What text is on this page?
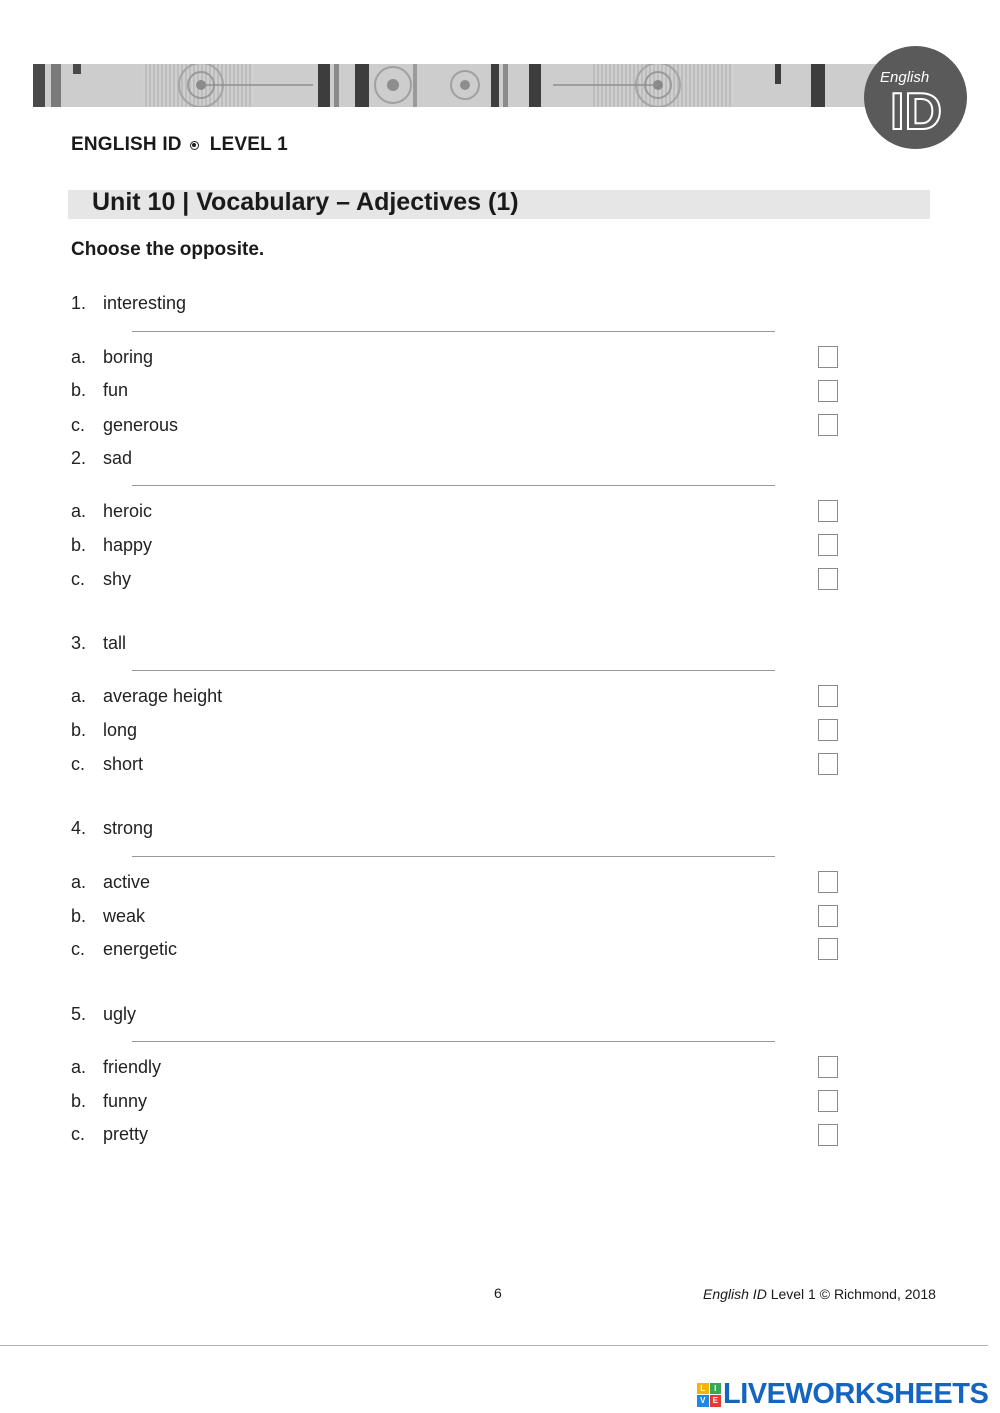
English
ID
ENGLISH ID LEVEL 1
Unit 10 | Vocabulary – Adjectives (1)
Choose the opposite.
1. interesting
a. boring
b. fun
c. generous
2. sad
a. heroic
b. happy
c. shy
3. tall
a. average height
b. long
c. short
4. strong
a. active
b. weak
c. energetic
5. ugly
a. friendly
b. funny
c. pretty
6	English ID Level 1 © Richmond, 2018
L	I
V E LIVEWORKSHEETS
